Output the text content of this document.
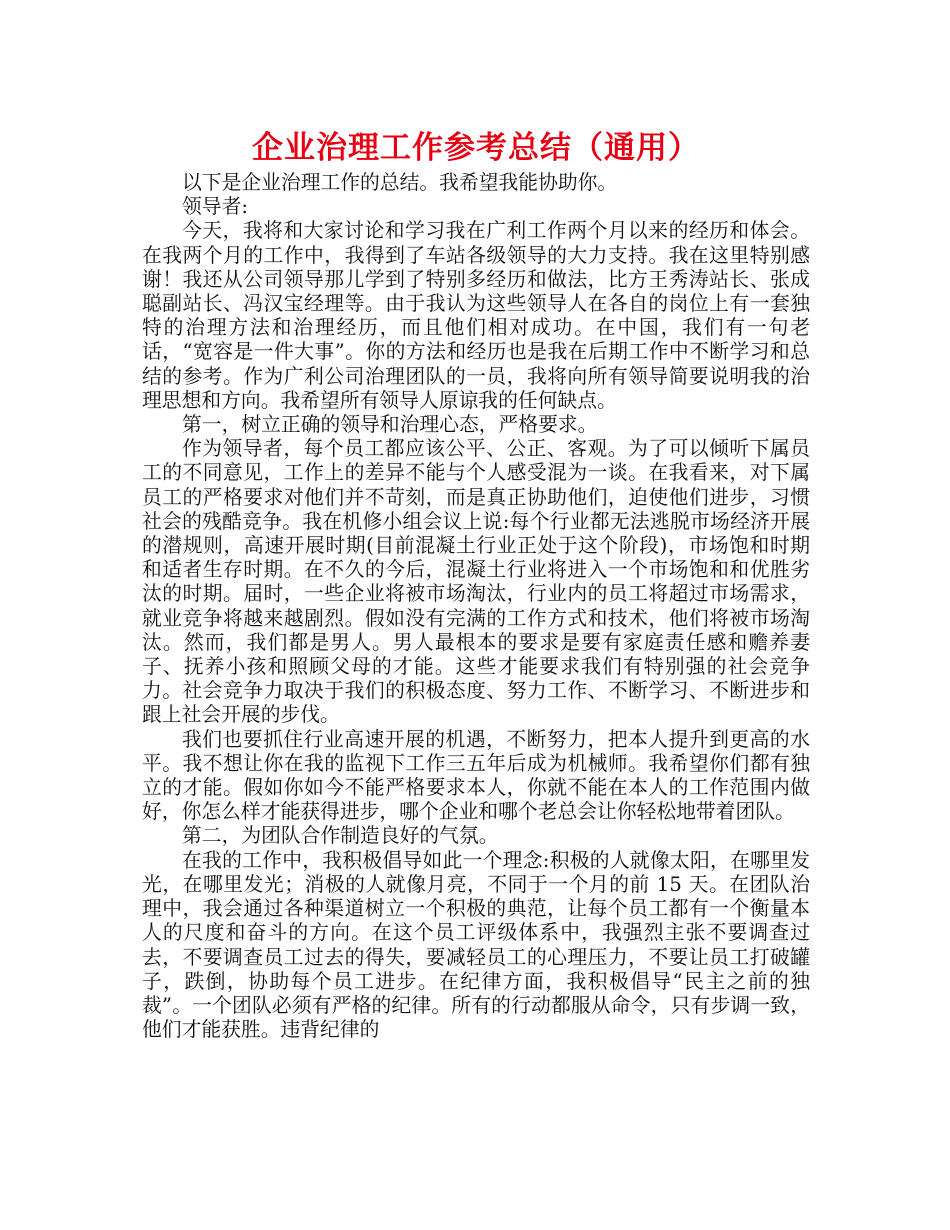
企业治理工作参考总结（通用）

以下是企业治理工作的总结。我希望我能协助你。

领导者:

今天，我将和大家讨论和学习我在广利工作两个月以来的经历和体会。在我两个月的工作中，我得到了车站各级领导的大力支持。我在这里特别感谢！我还从公司领导那儿学到了特别多经历和做法，比方王秀涛站长、张成聪副站长、冯汉宝经理等。由于我认为这些领导人在各自的岗位上有一套独特的治理方法和治理经历，而且他们相对成功。在中国，我们有一句老话，“宽容是一件大事”。你的方法和经历也是我在后期工作中不断学习和总结的参考。作为广利公司治理团队的一员，我将向所有领导简要说明我的治理思想和方向。我希望所有领导人原谅我的任何缺点。

第一，树立正确的领导和治理心态，严格要求。

作为领导者，每个员工都应该公平、公正、客观。为了可以倾听下属员工的不同意见，工作上的差异不能与个人感受混为一谈。在我看来，对下属员工的严格要求对他们并不苛刻，而是真正协助他们，迫使他们进步，习惯社会的残酷竞争。我在机修小组会议上说:每个行业都无法逃脱市场经济开展的潜规则，高速开展时期(目前混凝土行业正处于这个阶段)，市场饱和时期和适者生存时期。在不久的今后，混凝土行业将进入一个市场饱和和优胜劣汰的时期。届时，一些企业将被市场淘汰，行业内的员工将超过市场需求，就业竞争将越来越剧烈。假如没有完满的工作方式和技术，他们将被市场淘汰。然而，我们都是男人。男人最根本的要求是要有家庭责任感和赡养妻子、抚养小孩和照顾父母的才能。这些才能要求我们有特别强的社会竞争力。社会竞争力取决于我们的积极态度、努力工作、不断学习、不断进步和跟上社会开展的步伐。

我们也要抓住行业高速开展的机遇，不断努力，把本人提升到更高的水平。我不想让你在我的监视下工作三五年后成为机械师。我希望你们都有独立的才能。假如你如今不能严格要求本人，你就不能在本人的工作范围内做好，你怎么样才能获得进步，哪个企业和哪个老总会让你轻松地带着团队。

第二，为团队合作制造良好的气氛。

在我的工作中，我积极倡导如此一个理念:积极的人就像太阳，在哪里发光，在哪里发光；消极的人就像月亮，不同于一个月的前 15 天。在团队治理中，我会通过各种渠道树立一个积极的典范，让每个员工都有一个衡量本人的尺度和奋斗的方向。在这个员工评级体系中，我强烈主张不要调查过去，不要调查员工过去的得失，要减轻员工的心理压力，不要让员工打破罐子，跌倒，协助每个员工进步。在纪律方面，我积极倡导“民主之前的独裁”。一个团队必须有严格的纪律。所有的行动都服从命令，只有步调一致，他们才能获胜。违背纪律的
